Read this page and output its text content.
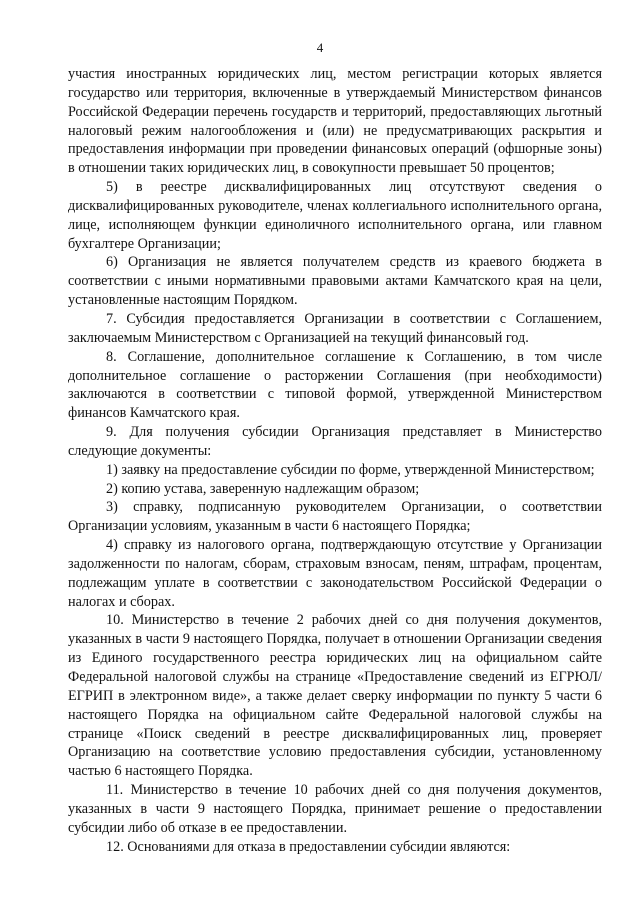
4

участия иностранных юридических лиц, местом регистрации которых является государство или территория, включенные в утверждаемый Министерством финансов Российской Федерации перечень государств и территорий, предоставляющих льготный налоговый режим налогообложения и (или) не предусматривающих раскрытия и предоставления информации при проведении финансовых операций (офшорные зоны) в отношении таких юридических лиц, в совокупности превышает 50 процентов;

5) в реестре дисквалифицированных лиц отсутствуют сведения о дисквалифицированных руководителе, членах коллегиального исполнительного органа, лице, исполняющем функции единоличного исполнительного органа, или главном бухгалтере Организации;

6) Организация не является получателем средств из краевого бюджета в соответствии с иными нормативными правовыми актами Камчатского края на цели, установленные настоящим Порядком.

7. Субсидия предоставляется Организации в соответствии с Соглашением, заключаемым Министерством с Организацией на текущий финансовый год.

8. Соглашение, дополнительное соглашение к Соглашению, в том числе дополнительное соглашение о расторжении Соглашения (при необходимости) заключаются в соответствии с типовой формой, утвержденной Министерством финансов Камчатского края.

9. Для получения субсидии Организация представляет в Министерство следующие документы:

1) заявку на предоставление субсидии по форме, утвержденной Министерством;

2) копию устава, заверенную надлежащим образом;

3) справку, подписанную руководителем Организации, о соответствии Организации условиям, указанным в части 6 настоящего Порядка;

4) справку из налогового органа, подтверждающую отсутствие у Организации задолженности по налогам, сборам, страховым взносам, пеням, штрафам, процентам, подлежащим уплате в соответствии с законодательством Российской Федерации о налогах и сборах.

10. Министерство в течение 2 рабочих дней со дня получения документов, указанных в части 9 настоящего Порядка, получает в отношении Организации сведения из Единого государственного реестра юридических лиц на официальном сайте Федеральной налоговой службы на странице «Предоставление сведений из ЕГРЮЛ/ЕГРИП в электронном виде», а также делает сверку информации по пункту 5 части 6 настоящего Порядка на официальном сайте Федеральной налоговой службы на странице «Поиск сведений в реестре дисквалифицированных лиц, проверяет Организацию на соответствие условию предоставления субсидии, установленному частью 6 настоящего Порядка.

11. Министерство в течение 10 рабочих дней со дня получения документов, указанных в части 9 настоящего Порядка, принимает решение о предоставлении субсидии либо об отказе в ее предоставлении.

12. Основаниями для отказа в предоставлении субсидии являются:
